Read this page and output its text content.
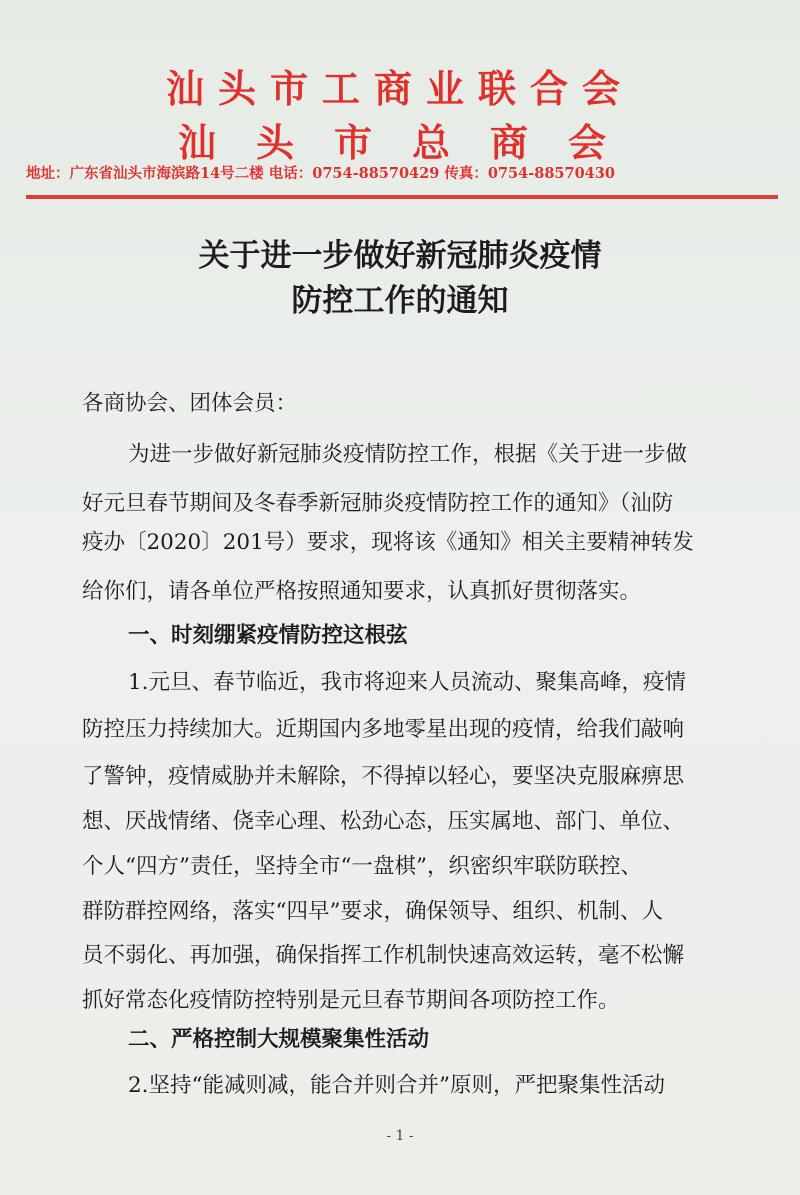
汕头市工商业联合会
汕头市总商会
地址：广东省汕头市海滨路14号二楼 电话：0754-88570429 传真：0754-88570430
关于进一步做好新冠肺炎疫情
防控工作的通知
各商协会、团体会员：
为进一步做好新冠肺炎疫情防控工作，根据《关于进一步做
好元旦春节期间及冬春季新冠肺炎疫情防控工作的通知》（汕防
疫办〔2020〕201号）要求，现将该《通知》相关主要精神转发
给你们，请各单位严格按照通知要求，认真抓好贯彻落实。
一、时刻绷紧疫情防控这根弦
1.元旦、春节临近，我市将迎来人员流动、聚集高峰，疫情
防控压力持续加大。近期国内多地零星出现的疫情，给我们敲响
了警钟，疫情威胁并未解除，不得掉以轻心，要坚决克服麻痹思
想、厌战情绪、侥幸心理、松劲心态，压实属地、部门、单位、
个人“四方”责任，坚持全市“一盘棋”，织密织牢联防联控、
群防群控网络，落实“四早”要求，确保领导、组织、机制、人
员不弱化、再加强，确保指挥工作机制快速高效运转，毫不松懈
抓好常态化疫情防控特别是元旦春节期间各项防控工作。
二、严格控制大规模聚集性活动
2.坚持“能减则减，能合并则合并”原则，严把聚集性活动
- 1 -
